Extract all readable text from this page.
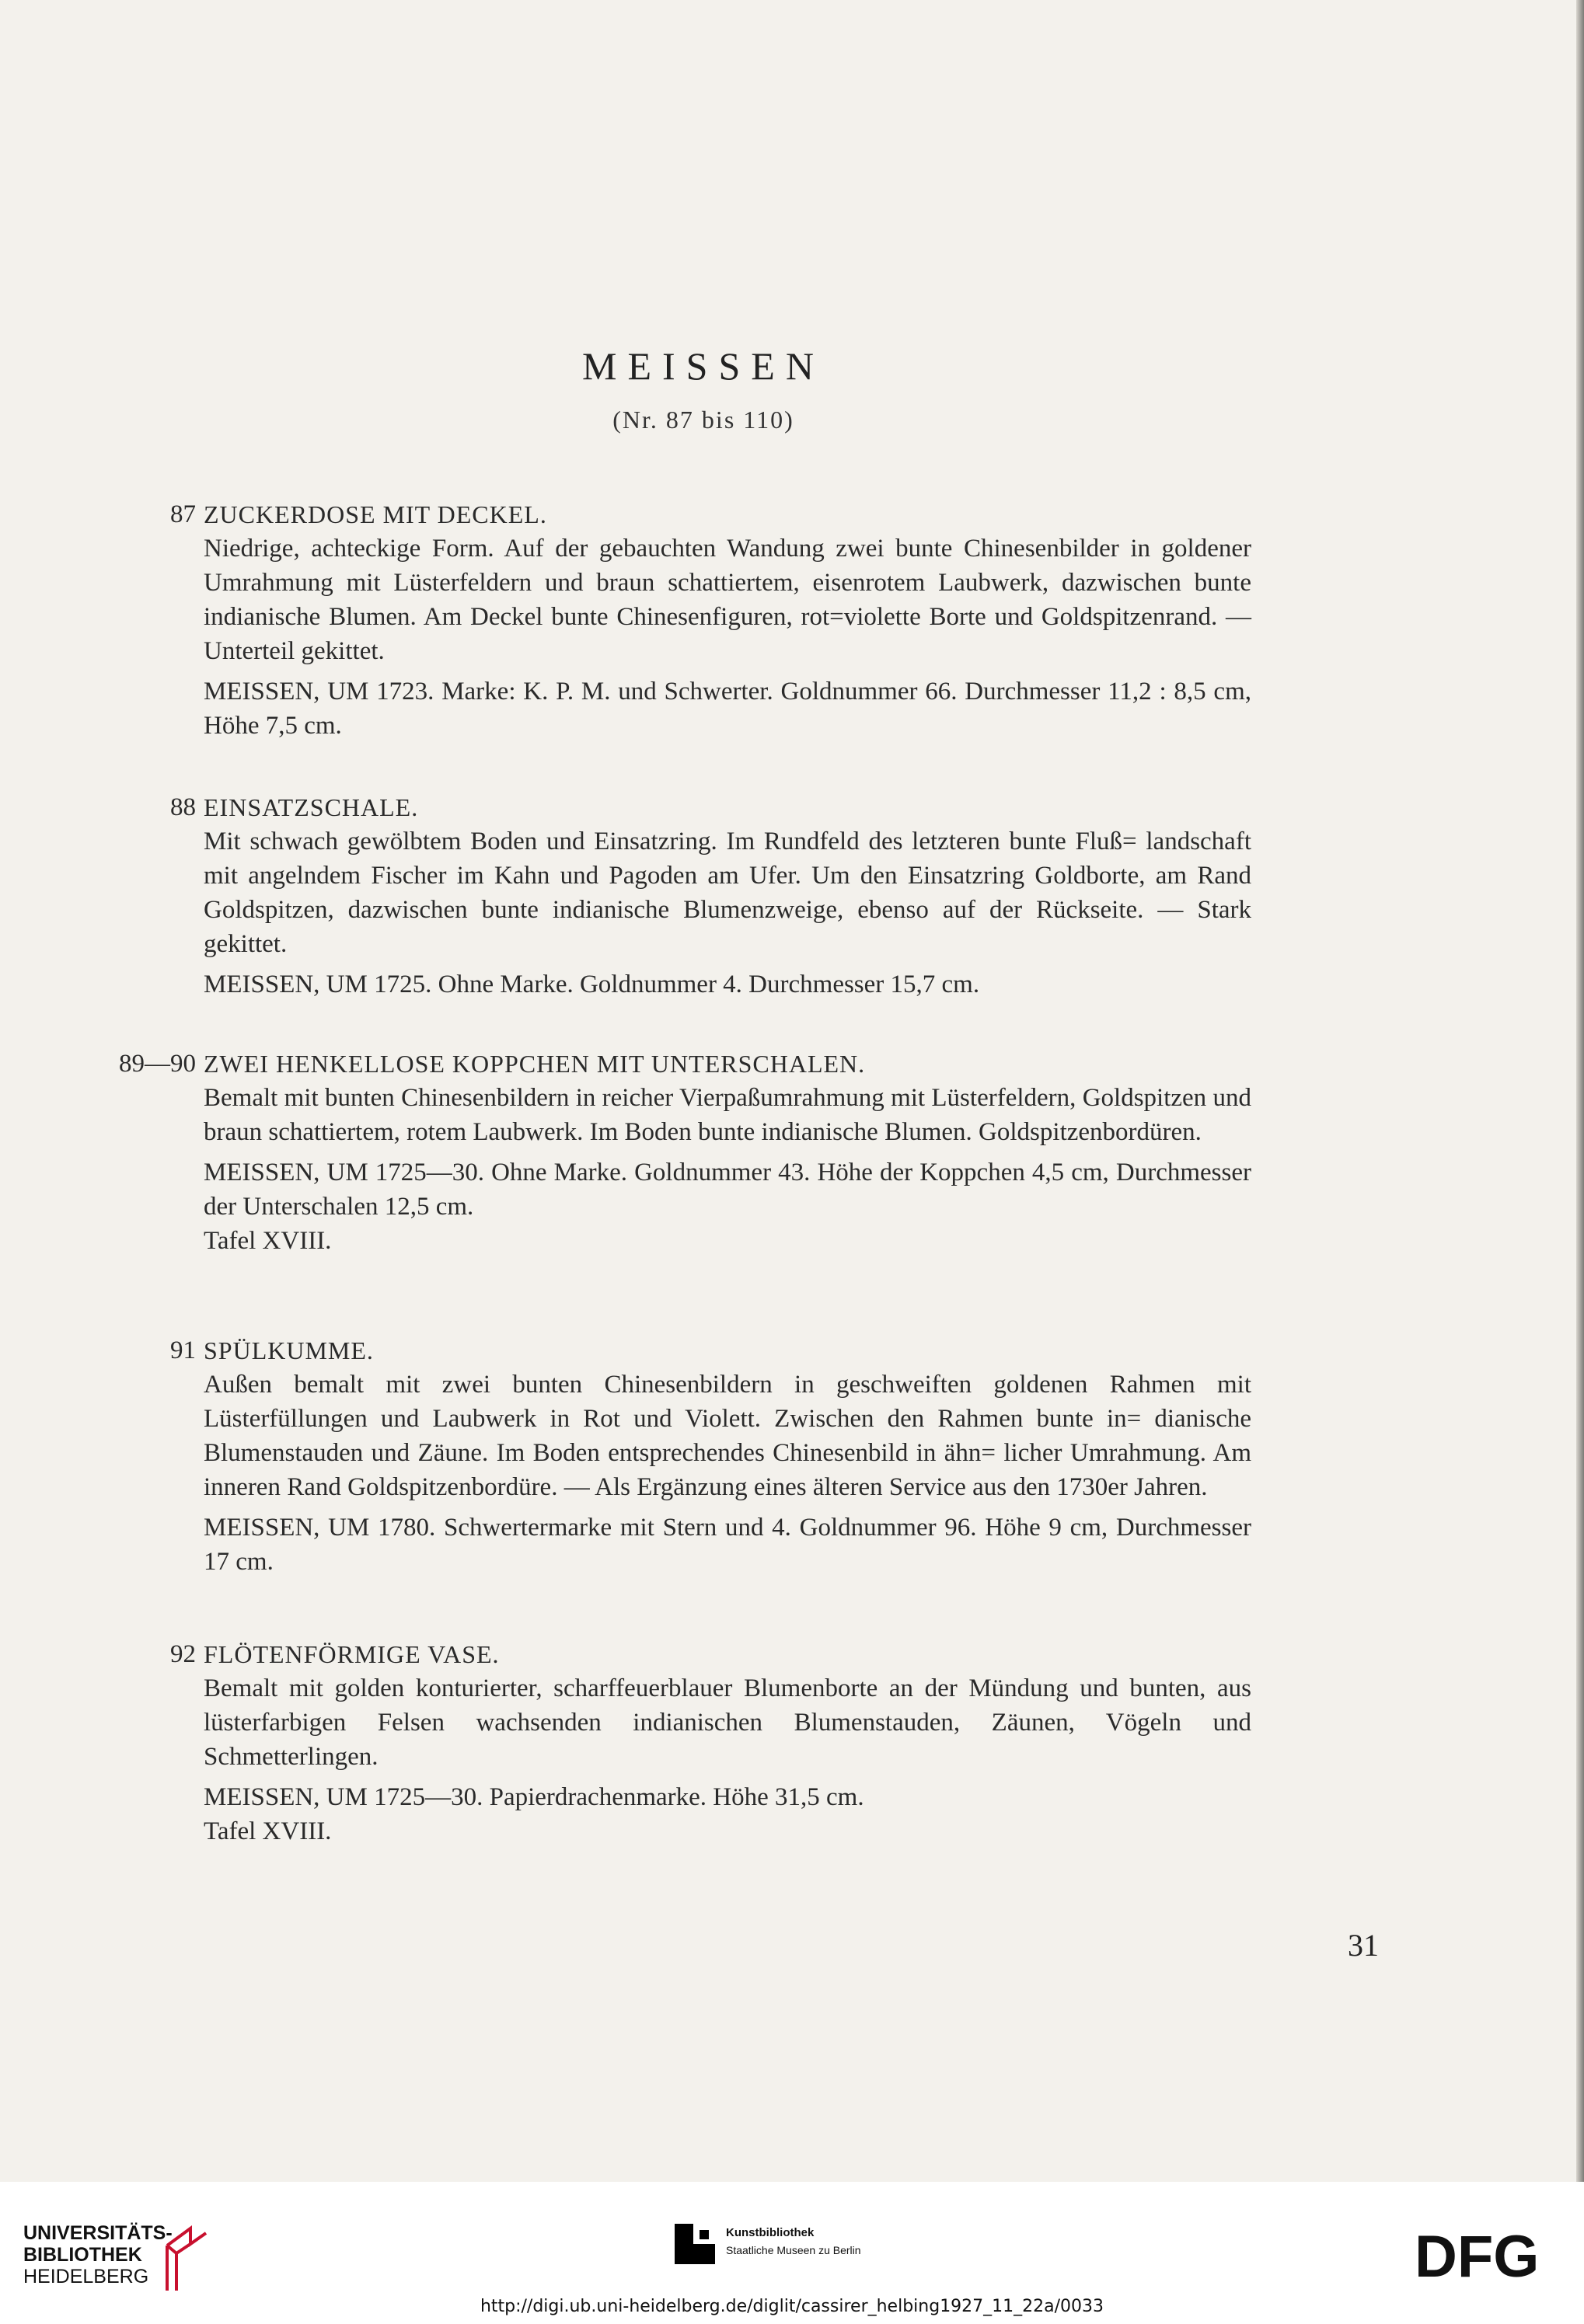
MEISSEN
(Nr. 87 bis 110)
87 ZUCKERDOSE MIT DECKEL.

Niedrige, achteckige Form. Auf der gebauchten Wandung zwei bunte Chinesenbilder in goldener Umrahmung mit Lüsterfeldern und braun schattiertem, eisenrotem Laubwerk, dazwischen bunte indianische Blumen. Am Deckel bunte Chinesenfiguren, rot=violette Borte und Goldspitzenrand. — Unterteil gekittet.

MEISSEN, UM 1723. Marke: K. P. M. und Schwerter. Goldnummer 66. Durchmesser 11,2 : 8,5 cm, Höhe 7,5 cm.

88 EINSATZSCHALE.

Mit schwach gewölbtem Boden und Einsatzring. Im Rundfeld des letzteren bunte Fluß= landschaft mit angelndem Fischer im Kahn und Pagoden am Ufer. Um den Einsatzring Goldborte, am Rand Goldspitzen, dazwischen bunte indianische Blumenzweige, ebenso auf der Rückseite. — Stark gekittet.

MEISSEN, UM 1725. Ohne Marke. Goldnummer 4. Durchmesser 15,7 cm.

89—90 ZWEI HENKELLOSE KOPPCHEN MIT UNTERSCHALEN.

Bemalt mit bunten Chinesenbildern in reicher Vierpaßumrahmung mit Lüsterfeldern, Goldspitzen und braun schattiertem, rotem Laubwerk. Im Boden bunte indianische Blumen. Goldspitzenbordüren.

MEISSEN, UM 1725—30. Ohne Marke. Goldnummer 43. Höhe der Koppchen 4,5 cm, Durchmesser der Unterschalen 12,5 cm.

Tafel XVIII.

91 SPÜLKUMME.

Außen bemalt mit zwei bunten Chinesenbildern in geschweiften goldenen Rahmen mit Lüsterfüllungen und Laubwerk in Rot und Violett. Zwischen den Rahmen bunte in= dianische Blumenstauden und Zäune. Im Boden entsprechendes Chinesenbild in ähn= licher Umrahmung. Am inneren Rand Goldspitzenbordüre. — Als Ergänzung eines älteren Service aus den 1730er Jahren.

MEISSEN, UM 1780. Schwertermarke mit Stern und 4. Goldnummer 96. Höhe 9 cm, Durchmesser 17 cm.

92 FLÖTENFÖRMIGE VASE.

Bemalt mit golden konturierter, scharffeuerblauer Blumenborte an der Mündung und bunten, aus lüsterfarbigen Felsen wachsenden indianischen Blumenstauden, Zäunen, Vögeln und Schmetterlingen.

MEISSEN, UM 1725—30. Papierdrachenmarke. Höhe 31,5 cm.

Tafel XVIII.

31
UNIVERSITÄTS-
BIBLIOTHEK
HEIDELBERG
Kunstbibliothek
Staatliche Museen zu Berlin	DFG
http://digi.ub.uni-heidelberg.de/diglit/cassirer_helbing1927_11_22a/0033
